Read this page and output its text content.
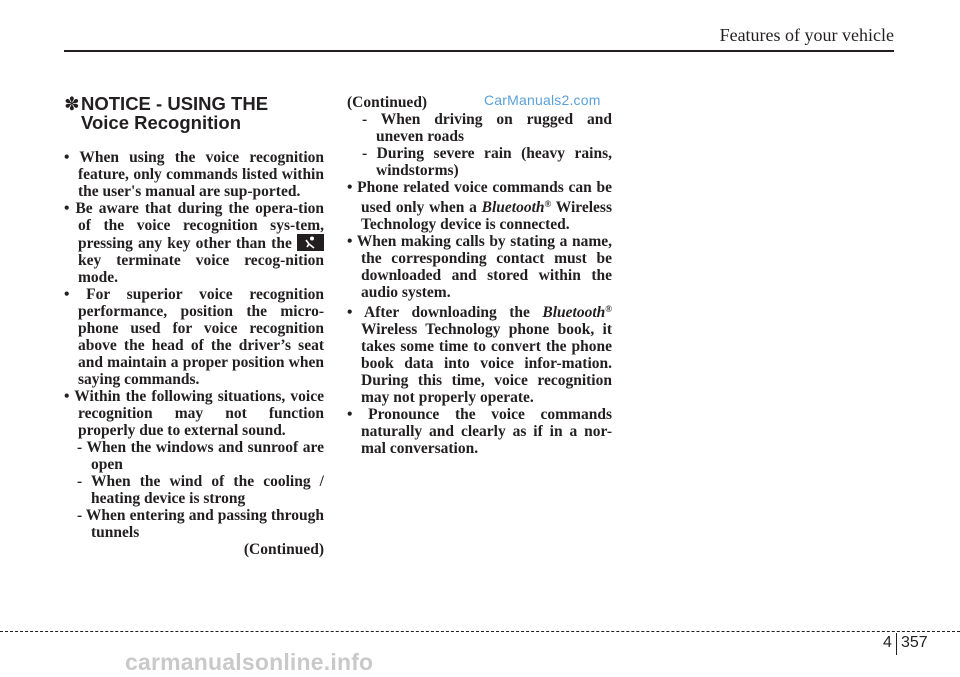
Features of your vehicle
✽NOTICE - USING THE
Voice Recognition

• When using the voice recognition feature, only commands listed within the user's manual are sup-ported.

• Be aware that during the opera-tion of the voice recognition sys-tem, pressing any key other than the
key terminate voice recog-nition mode.

• For superior voice recognition performance, position the micro-phone used for voice recognition above the head of the driver’s seat and maintain a proper position when saying commands.

• Within the following situations, voice recognition may not function properly due to external sound.

- When the windows and sunroof are open

- When the wind of the cooling / heating device is strong

- When entering and passing through tunnels

(Continued)

(Continued)

- When driving on rugged and uneven roads

- During severe rain (heavy rains, windstorms)

• Phone related voice commands can be used only when a Bluetooth® Wireless Technology device is connected.

• When making calls by stating a name, the corresponding contact must be downloaded and stored within the audio system.

• After downloading the Bluetooth® Wireless Technology phone book, it takes some time to convert the phone book data into voice infor-mation. During this time, voice recognition may not properly operate.

• Pronounce the voice commands naturally and clearly as if in a nor-mal conversation.

CarManuals2.com
4 357
carmanualsonline.info
